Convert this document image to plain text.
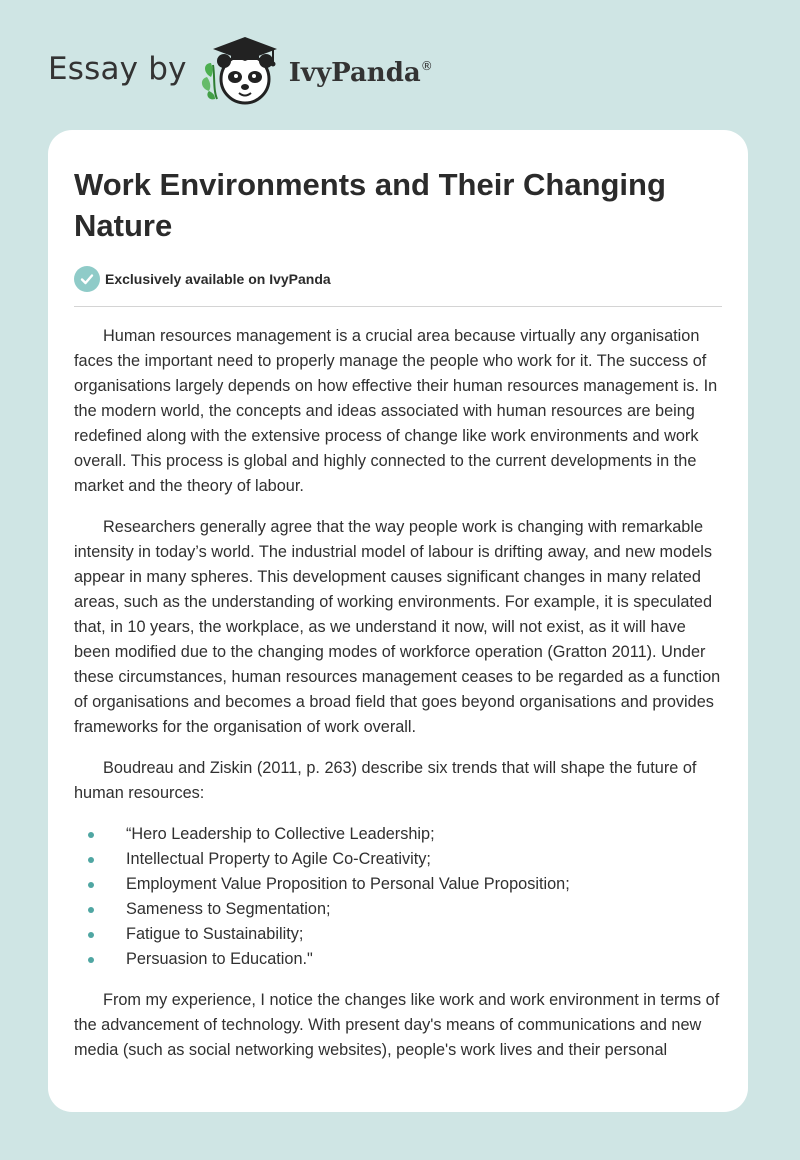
Essay by	IvyPanda ®
Work Environments and Their Changing Nature
Exclusively available on IvyPanda

Human resources management is a crucial area because virtually any organisation faces the important need to properly manage the people who work for it. The success of organisations largely depends on how effective their human resources management is. In the modern world, the concepts and ideas associated with human resources are being redefined along with the extensive process of change like work environments and work overall. This process is global and highly connected to the current developments in the market and the theory of labour.

Researchers generally agree that the way people work is changing with remarkable intensity in today’s world. The industrial model of labour is drifting away, and new models appear in many spheres. This development causes significant changes in many related areas, such as the understanding of working environments. For example, it is speculated that, in 10 years, the workplace, as we understand it now, will not exist, as it will have been modified due to the changing modes of workforce operation (Gratton 2011). Under these circumstances, human resources management ceases to be regarded as a function of organisations and becomes a broad field that goes beyond organisations and provides frameworks for the organisation of work overall.

Boudreau and Ziskin (2011, p. 263) describe six trends that will shape the future of human resources:

“Hero Leadership to Collective Leadership;
Intellectual Property to Agile Co-Creativity;
Employment Value Proposition to Personal Value Proposition;
Sameness to Segmentation;
Fatigue to Sustainability;
Persuasion to Education."

From my experience, I notice the changes like work and work environment in terms of the advancement of technology. With present day's means of communications and new media (such as social networking websites), people's work lives and their personal
